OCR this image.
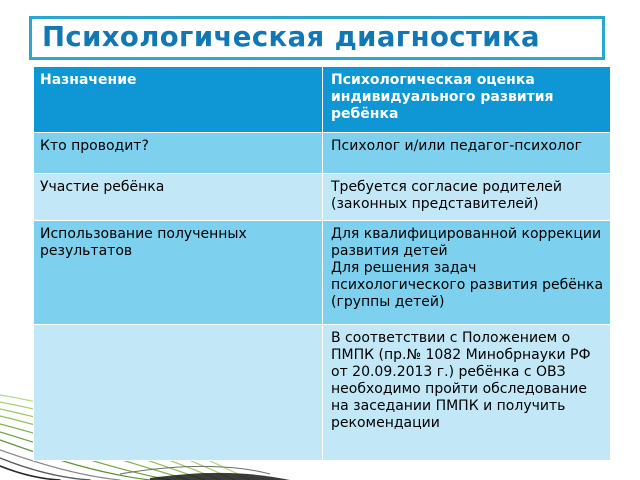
Психологическая диагностика
Назначение	Психологическая оценка индивидуального развития ребёнка
Кто проводит?	Психолог и/или педагог-психолог
Участие ребёнка	Требуется согласие родителей (законных представителей)
Использование полученных результатов	Для квалифицированной коррекции развития детей
Для решения задач психологического развития ребёнка (группы детей)
	В соответствии с Положением о ПМПК (пр.№ 1082 Минобрнауки РФ от 20.09.2013 г.) ребёнка с ОВЗ необходимо пройти обследование на заседании ПМПК и получить рекомендации
